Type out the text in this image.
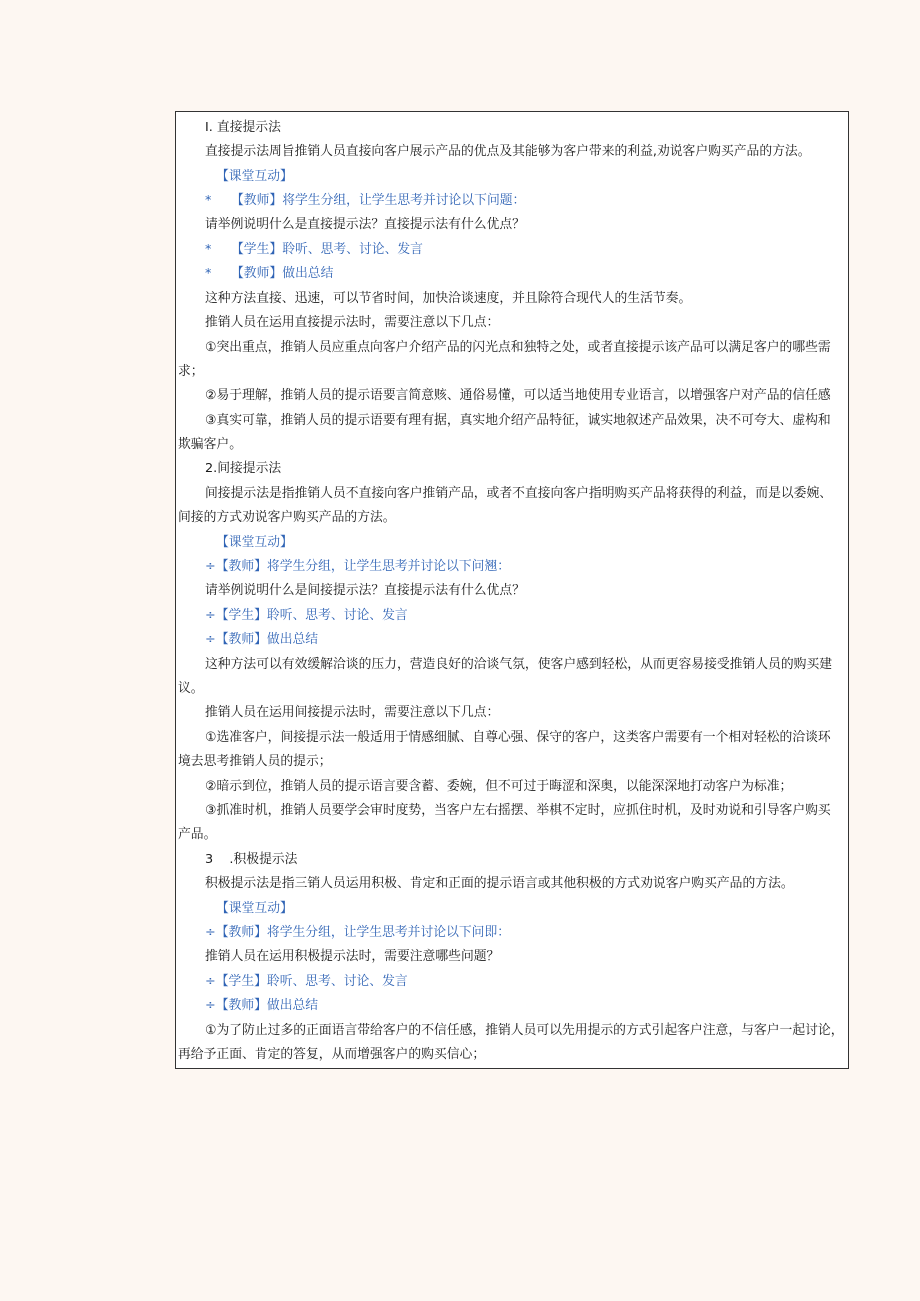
I. 直接提示法
直接提示法周旨推销人员直接向客户展示产品的优点及其能够为客户带来的利益,劝说客户购买产品的方法。
【课堂互动】
* 【教师】将学生分组，让学生思考并讨论以下问题：
请举例说明什么是直接提示法？直接提示法有什么优点？
* 【学生】聆听、思考、讨论、发言
* 【教师】做出总结
这种方法直接、迅速，可以节省时间，加快洽谈速度，并且除符合现代人的生活节奏。
推销人员在运用直接提示法时，需要注意以下几点：
①突出重点，推销人员应重点向客户介绍产品的闪光点和独特之处，或者直接提示该产品可以满足客户的哪些需
求；
②易于理解，推销人员的提示语要言简意赅、通俗易懂，可以适当地使用专业语言，以增强客户对产品的信任感
③真实可靠，推销人员的提示语要有理有据，真实地介绍产品特征，诚实地叙述产品效果，决不可夸大、虚构和
欺骗客户。
2.间接提示法
间接提示法是指推销人员不直接向客户推销产品，或者不直接向客户指明购买产品将获得的利益，而是以委婉、
间接的方式劝说客户购买产品的方法。
【课堂互动】
÷【教师】将学生分组，让学生思考并讨论以下问翘：
请举例说明什么是间接提示法？直接提示法有什么优点？
÷【学生】聆听、思考、讨论、发言
÷【教师】做出总结
这种方法可以有效缓解洽谈的压力，营造良好的洽谈气氛，使客户感到轻松，从而更容易接受推销人员的购买建
议。
推销人员在运用间接提示法时，需要注意以下几点：
①选准客户，间接提示法一般适用于情感细腻、自尊心强、保守的客户，这类客户需要有一个相对轻松的洽谈环
境去思考推销人员的提示；
②暗示到位，推销人员的提示语言要含蓄、委婉，但不可过于晦涩和深奥，以能深深地打动客户为标准；
③抓准时机，推销人员要学会审时度势，当客户左右摇摆、举棋不定时，应抓住时机，及时劝说和引导客户购买
产品。
3    .积极提示法
积极提示法是指三销人员运用积极、肯定和正面的提示语言或其他积极的方式劝说客户购买产品的方法。
【课堂互动】
÷【教师】将学生分组，让学生思考并讨论以下问即：
推销人员在运用积极提示法时，需要注意哪些问题？
÷【学生】聆听、思考、讨论、发言
÷【教师】做出总结
①为了防止过多的正面语言带给客户的不信任感，推销人员可以先用提示的方式引起客户注意，与客户一起讨论，
再给予正面、肯定的答复，从而增强客户的购买信心；
